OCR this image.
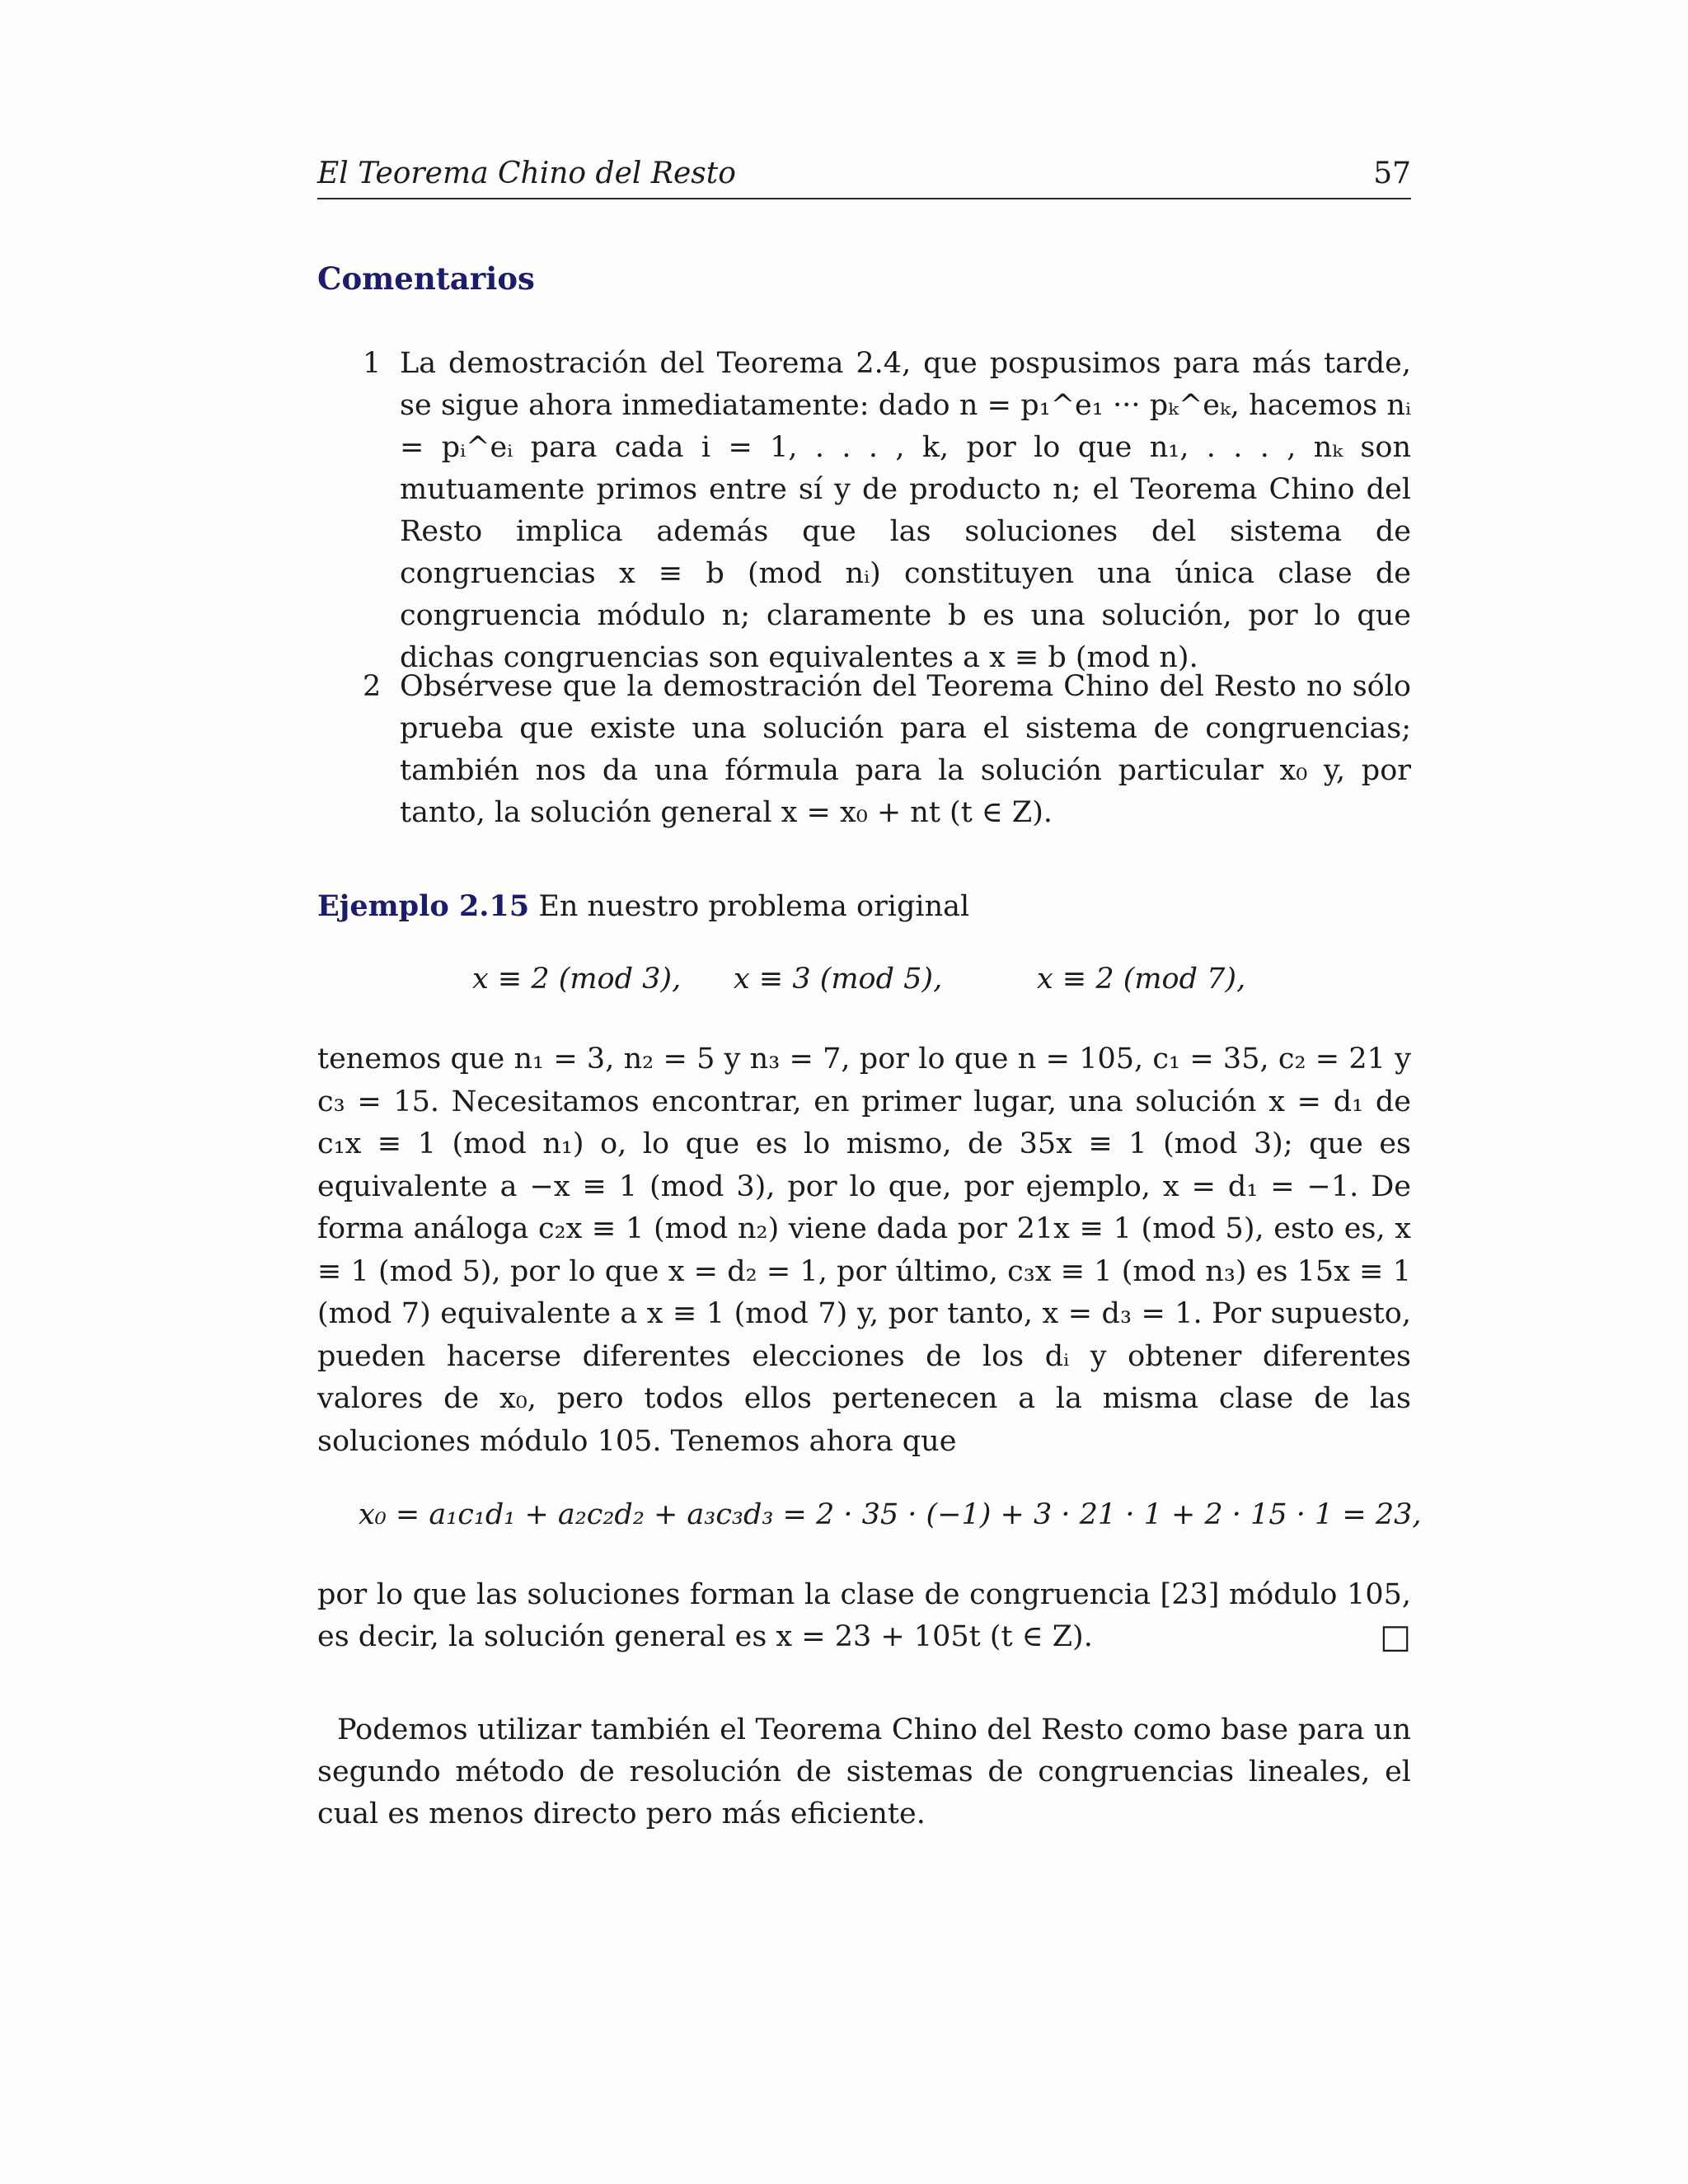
El Teorema Chino del Resto	57
Comentarios
1 La demostración del Teorema 2.4, que pospusimos para más tarde, se sigue ahora inmediatamente: dado n = p₁^e₁ ··· pₖ^eₖ, hacemos nᵢ = pᵢ^eᵢ para cada i = 1, . . . , k, por lo que n₁, . . . , nₖ son mutuamente primos entre sí y de producto n; el Teorema Chino del Resto implica además que las soluciones del sistema de congruencias x ≡ b (mod nᵢ) constituyen una única clase de congruencia módulo n; claramente b es una solución, por lo que dichas congruencias son equivalentes a x ≡ b (mod n).
2 Obsérvese que la demostración del Teorema Chino del Resto no sólo prueba que existe una solución para el sistema de congruencias; también nos da una fórmula para la solución particular x₀ y, por tanto, la solución general x = x₀ + nt (t ∈ Z).
Ejemplo 2.15 En nuestro problema original
x ≡ 2 (mod 3), x ≡ 3 (mod 5),	x ≡ 2 (mod 7),
tenemos que n₁ = 3, n₂ = 5 y n₃ = 7, por lo que n = 105, c₁ = 35, c₂ = 21 y c₃ = 15. Necesitamos encontrar, en primer lugar, una solución x = d₁ de c₁x ≡ 1 (mod n₁) o, lo que es lo mismo, de 35x ≡ 1 (mod 3); que es equivalente a −x ≡ 1 (mod 3), por lo que, por ejemplo, x = d₁ = −1. De forma análoga c₂x ≡ 1 (mod n₂) viene dada por 21x ≡ 1 (mod 5), esto es, x ≡ 1 (mod 5), por lo que x = d₂ = 1, por último, c₃x ≡ 1 (mod n₃) es 15x ≡ 1 (mod 7) equivalente a x ≡ 1 (mod 7) y, por tanto, x = d₃ = 1. Por supuesto, pueden hacerse diferentes elecciones de los dᵢ y obtener diferentes valores de x₀, pero todos ellos pertenecen a la misma clase de las soluciones módulo 105. Tenemos ahora que
x₀ = a₁c₁d₁ + a₂c₂d₂ + a₃c₃d₃ = 2 · 35 · (−1) + 3 · 21 · 1 + 2 · 15 · 1 = 23,
por lo que las soluciones forman la clase de congruencia [23] módulo 105, es decir, la solución general es x = 23 + 105t (t ∈ Z).	□
Podemos utilizar también el Teorema Chino del Resto como base para un segundo método de resolución de sistemas de congruencias lineales, el cual es menos directo pero más eficiente.
